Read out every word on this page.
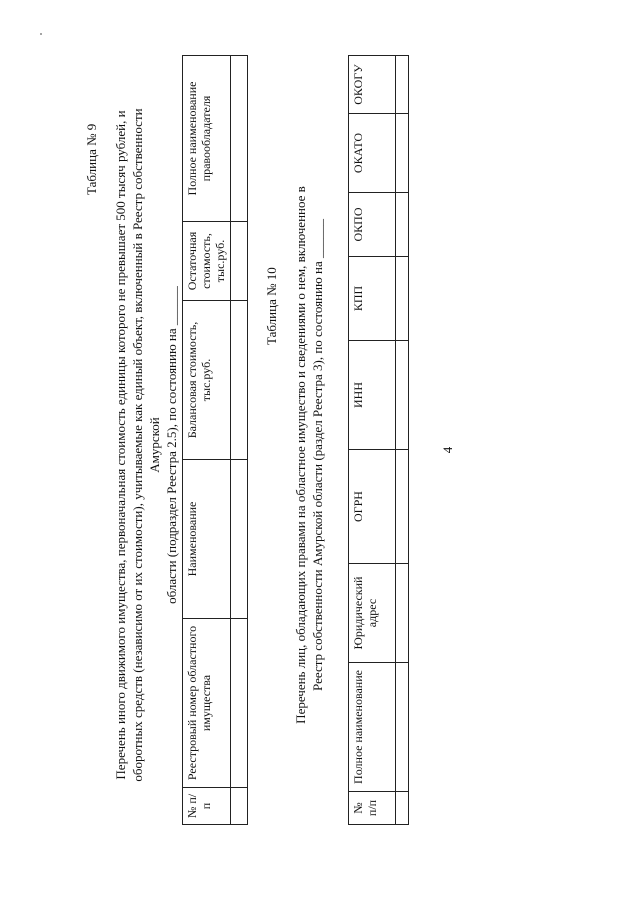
4
Таблица № 9 Перечень иного движимого имущества, первоначальная стоимость единицы которого не превышает 500 тысяч рублей, и оборотных средств (независимо от их стоимости), учитываемые как единый объект, включенный в Реестр собственности Амурской области (подраздел Реестра 2.5), по состоянию на ______
№ п/п	Реестровый номер областного имущества	Наименование	Балансовая стоимость, тыс.руб.	Остаточная стоимость, тыс.руб.	Полное наименование правообладателя

Таблица № 10 Перечень лиц, обладающих правами на областное имущество и сведениями о нем, включенное в Реестр собственности Амурской области (раздел Реестра 3), по состоянию на ______
№ п/п	Полное наименование	Юридический адрес	ОГРН	ИНН	КПП	ОКПО	ОКАТО	ОКОГУ
